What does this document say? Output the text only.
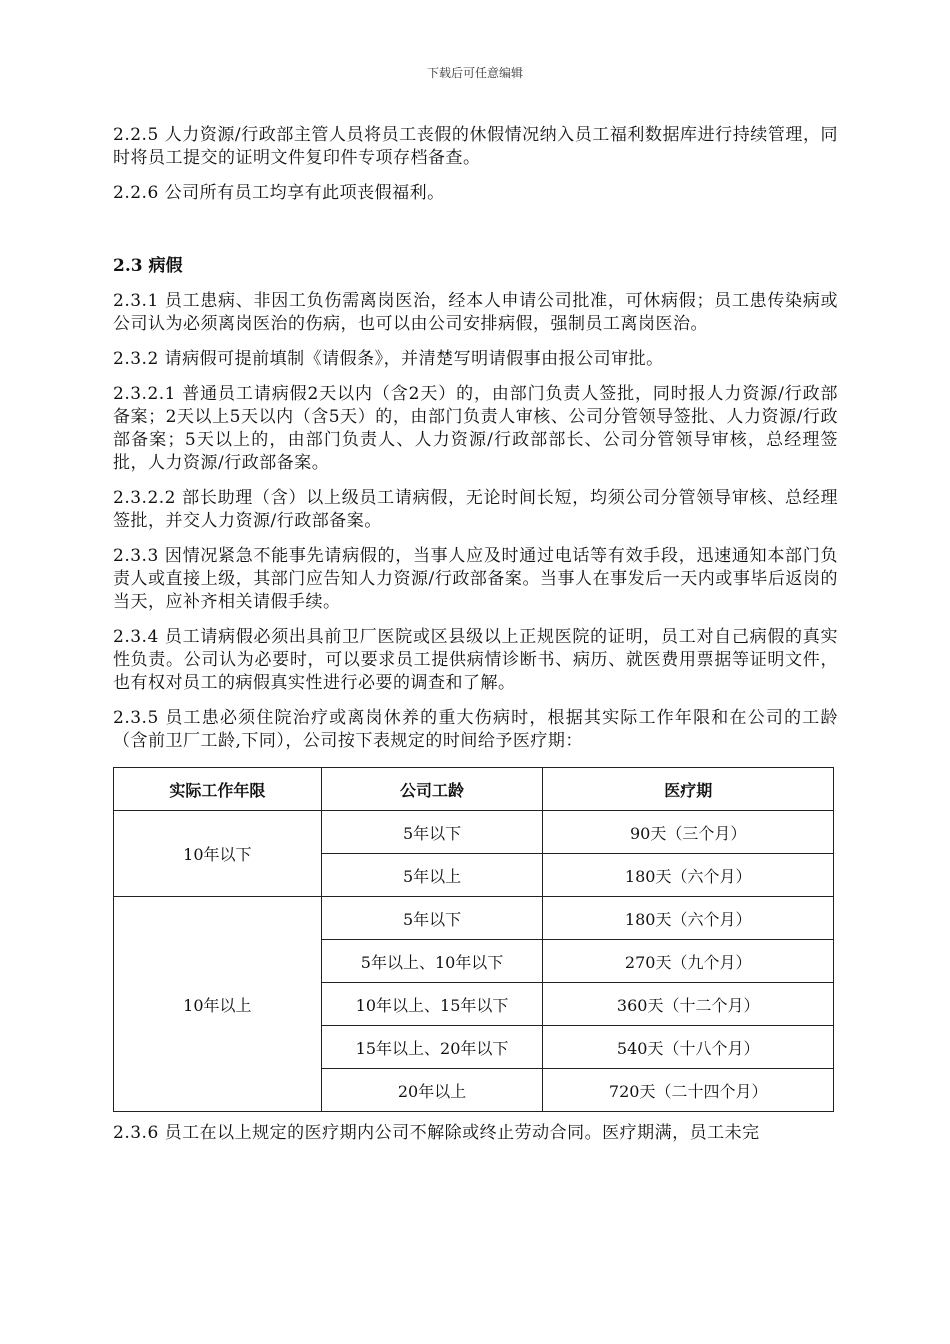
下载后可任意编辑

2.2.5 人力资源/行政部主管人员将员工丧假的休假情况纳入员工福利数据库进行持续管理，同时将员工提交的证明文件复印件专项存档备查。

2.2.6 公司所有员工均享有此项丧假福利。

2.3 病假

2.3.1 员工患病、非因工负伤需离岗医治，经本人申请公司批准，可休病假；员工患传染病或公司认为必须离岗医治的伤病，也可以由公司安排病假，强制员工离岗医治。

2.3.2 请病假可提前填制《请假条》，并清楚写明请假事由报公司审批。

2.3.2.1 普通员工请病假2天以内（含2天）的，由部门负责人签批，同时报人力资源/行政部备案；2天以上5天以内（含5天）的，由部门负责人审核、公司分管领导签批、人力资源/行政部备案；5天以上的，由部门负责人、人力资源/行政部部长、公司分管领导审核，总经理签批，人力资源/行政部备案。

2.3.2.2 部长助理（含）以上级员工请病假，无论时间长短，均须公司分管领导审核、总经理签批，并交人力资源/行政部备案。

2.3.3 因情况紧急不能事先请病假的，当事人应及时通过电话等有效手段，迅速通知本部门负责人或直接上级，其部门应告知人力资源/行政部备案。当事人在事发后一天内或事毕后返岗的当天，应补齐相关请假手续。

2.3.4 员工请病假必须出具前卫厂医院或区县级以上正规医院的证明，员工对自己病假的真实性负责。公司认为必要时，可以要求员工提供病情诊断书、病历、就医费用票据等证明文件，也有权对员工的病假真实性进行必要的调查和了解。

2.3.5 员工患必须住院治疗或离岗休养的重大伤病时，根据其实际工作年限和在公司的工龄（含前卫厂工龄,下同），公司按下表规定的时间给予医疗期：

实际工作年限	公司工龄	医疗期
10年以下	5年以下	90天（三个月）
	5年以上	180天（六个月）
10年以上	5年以下	180天（六个月）
	5年以上、10年以下	270天（九个月）
	10年以上、15年以下	360天（十二个月）
	15年以上、20年以下	540天（十八个月）
	20年以上	720天（二十四个月）

2.3.6 员工在以上规定的医疗期内公司不解除或终止劳动合同。医疗期满，员工未完
